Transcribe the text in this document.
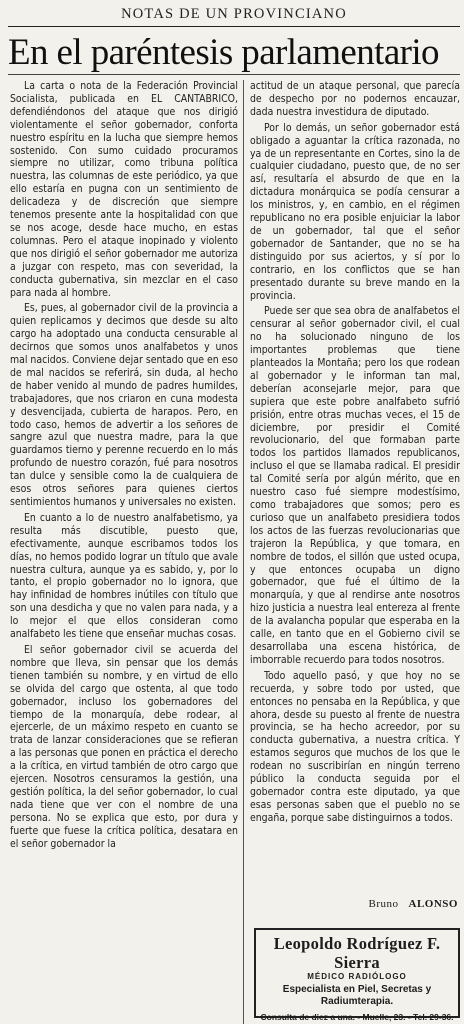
NOTAS DE UN PROVINCIANO
En el paréntesis parlamentario

La carta o nota de la Federación Provincial Socialista, publicada en EL CANTABRICO, defendiéndonos del ataque que nos dirigió violentamente el señor gobernador, conforta nuestro espíritu en la lucha que siempre hemos sostenido. Con sumo cuidado procuramos siempre no utilizar, como tribuna política nuestra, las columnas de este periódico, ya que ello estaría en pugna con un sentimiento de delicadeza y de discreción que siempre tenemos presente ante la hospitalidad con que se nos acoge, desde hace mucho, en estas columnas. Pero el ataque inopinado y violento que nos dirigió el señor gobernador me autoriza a juzgar con respeto, mas con severidad, la conducta gubernativa, sin mezclar en el caso para nada al hombre.

Es, pues, al gobernador civil de la provincia a quien replicamos y decimos que desde su alto cargo ha adoptado una conducta censurable al decirnos que somos unos analfabetos y unos mal nacidos. Conviene dejar sentado que en eso de mal nacidos se referirá, sin duda, al hecho de haber venido al mundo de padres humildes, trabajadores, que nos criaron en cuna modesta y desvencijada, cubierta de harapos. Pero, en todo caso, hemos de advertir a los señores de sangre azul que nuestra madre, para la que guardamos tierno y perenne recuerdo en lo más profundo de nuestro corazón, fué para nosotros tan dulce y sensible como la de cualquiera de esos otros señores para quienes ciertos sentimientos humanos y universales no existen.

En cuanto a lo de nuestro analfabetismo, ya resulta más discutible, puesto que, efectivamente, aunque escribamos todos los días, no hemos podido lograr un título que avale nuestra cultura, aunque ya es sabido, y, por lo tanto, el propio gobernador no lo ignora, que hay infinidad de hombres inútiles con título que son una desdicha y que no valen para nada, y a lo mejor el que ellos consideran como analfabeto les tiene que enseñar muchas cosas.

El señor gobernador civil se acuerda del nombre que lleva, sin pensar que los demás tienen también su nombre, y en virtud de ello se olvida del cargo que ostenta, al que todo gobernador, incluso los gobernadores del tiempo de la monarquía, debe rodear, al ejercerle, de un máximo respeto en cuanto se trata de lanzar consideraciones que se refieran a las personas que ponen en práctica el derecho a la crítica, en virtud también de otro cargo que ejercen. Nosotros censuramos la gestión, una gestión política, la del señor gobernador, lo cual nada tiene que ver con el nombre de una persona. No se explica que esto, por dura y fuerte que fuese la crítica política, desatara en el señor gobernador la

actitud de un ataque personal, que parecía de despecho por no podernos encauzar, dada nuestra investidura de diputado.

Por lo demás, un señor gobernador está obligado a aguantar la crítica razonada, no ya de un representante en Cortes, sino la de cualquier ciudadano, puesto que, de no ser así, resultaría el absurdo de que en la dictadura monárquica se podía censurar a los ministros, y, en cambio, en el régimen republicano no era posible enjuiciar la labor de un gobernador, tal que el señor gobernador de Santander, que no se ha distinguido por sus aciertos, y sí por lo contrario, en los conflictos que se han presentado durante su breve mando en la provincia.

Puede ser que sea obra de analfabetos el censurar al señor gobernador civil, el cual no ha solucionado ninguno de los importantes problemas que tiene planteados la Montaña; pero los que rodean al gobernador y le informan tan mal, deberían aconsejarle mejor, para que supiera que este pobre analfabeto sufrió prisión, entre otras muchas veces, el 15 de diciembre, por presidir el Comité revolucionario, del que formaban parte todos los partidos llamados republicanos, incluso el que se llamaba radical. El presidir tal Comité sería por algún mérito, que en nuestro caso fué siempre modestísimo, como trabajadores que somos; pero es curioso que un analfabeto presidiera todos los actos de las fuerzas revolucionarias que trajeron la República, y que tomara, en nombre de todos, el sillón que usted ocupa, y que entonces ocupaba un digno gobernador, que fué el último de la monarquía, y que al rendirse ante nosotros hizo justicia a nuestra leal entereza al frente de la avalancha popular que esperaba en la calle, en tanto que en el Gobierno civil se desarrollaba una escena histórica, de imborrable recuerdo para todos nosotros.

Todo aquello pasó, y que hoy no se recuerda, y sobre todo por usted, que entonces no pensaba en la República, y que ahora, desde su puesto al frente de nuestra provincia, se ha hecho acreedor, por su conducta gubernativa, a nuestra crítica. Y estamos seguros que muchos de los que le rodean no suscribirían en ningún terreno público la conducta seguida por el gobernador contra este diputado, ya que esas personas saben que el pueblo no se engaña, porque sabe distinguirnos a todos.

Bruno ALONSO
Leopoldo Rodríguez F. Sierra
MÉDICO RADIÓLOGO
Especialista en Piel, Secretas y Radiumterapia.
Consulta de diez a una. - Muelle, 23. - Tel. 29-36.
